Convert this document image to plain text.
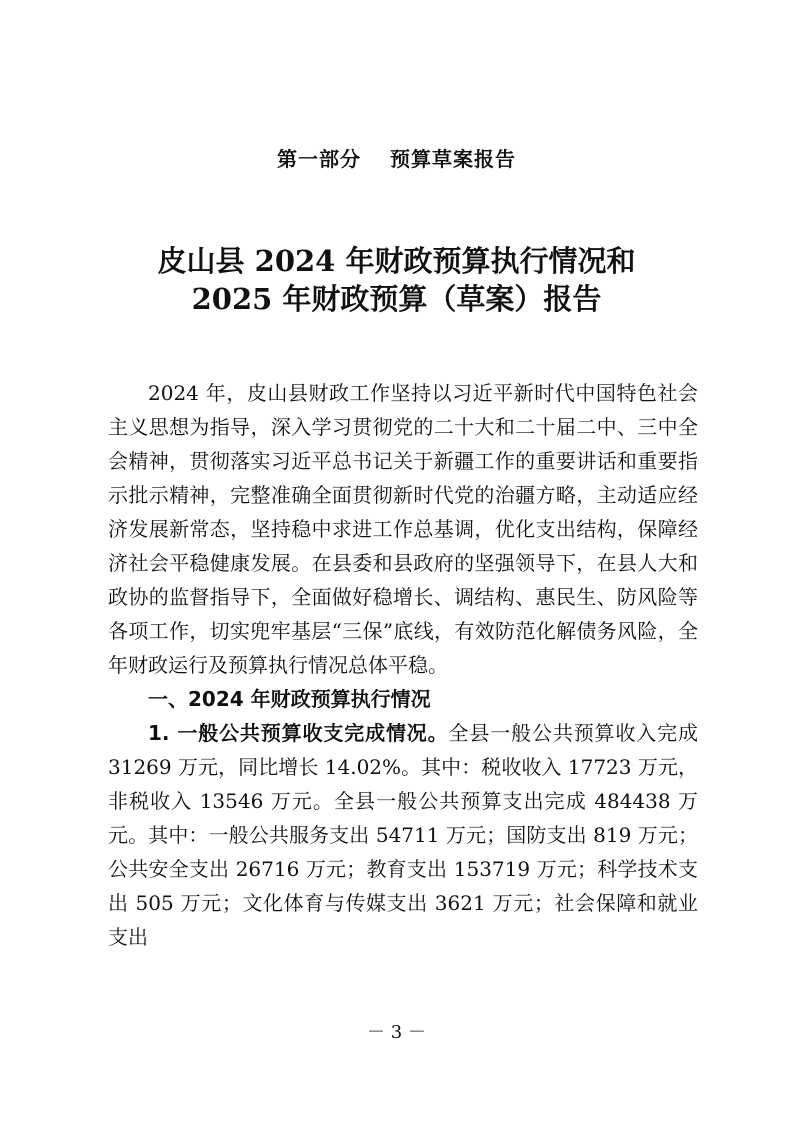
第一部分　 预算草案报告
皮山县 2024 年财政预算执行情况和
2025 年财政预算（草案）报告

2024 年，皮山县财政工作坚持以习近平新时代中国特色社会主义思想为指导，深入学习贯彻党的二十大和二十届二中、三中全会精神，贯彻落实习近平总书记关于新疆工作的重要讲话和重要指示批示精神，完整准确全面贯彻新时代党的治疆方略，主动适应经济发展新常态，坚持稳中求进工作总基调，优化支出结构，保障经济社会平稳健康发展。在县委和县政府的坚强领导下，在县人大和政协的监督指导下，全面做好稳增长、调结构、惠民生、防风险等各项工作，切实兜牢基层“三保”底线，有效防范化解债务风险，全年财政运行及预算执行情况总体平稳。

一、2024 年财政预算执行情况

1. 一般公共预算收支完成情况。全县一般公共预算收入完成 31269 万元，同比增长 14.02%。其中：税收收入 17723 万元，非税收入 13546 万元。全县一般公共预算支出完成 484438 万元。其中：一般公共服务支出 54711 万元；国防支出 819 万元；公共安全支出 26716 万元；教育支出 153719 万元；科学技术支出 505 万元；文化体育与传媒支出 3621 万元；社会保障和就业支出

－ 3 －
